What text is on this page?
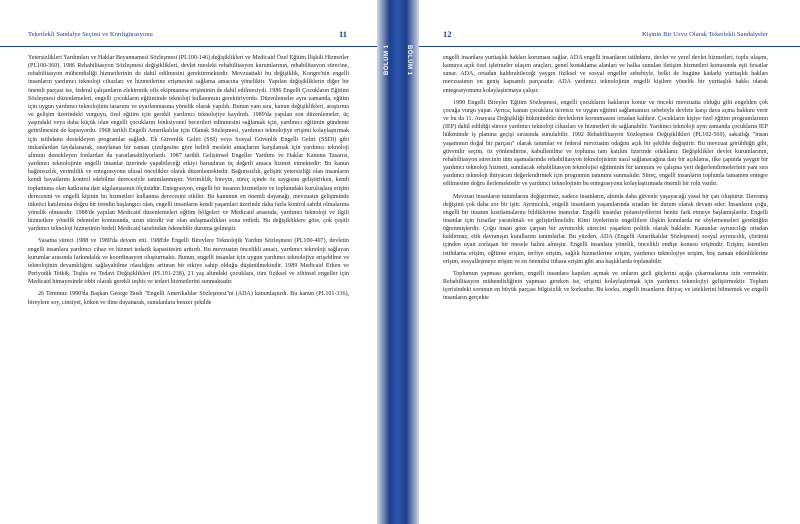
Tekerlekli Sandalye Seçimi ve Konfigürasyonu	11

Yetersizlikleri Yardımları ve Haklar Beyannamesi Sözleşmesi (PL100-146) değişiklikleri ve Medicaid Özel Eğitim İlişkili Hizmetler (PL100-360). 1986 Rehabilitasyon Sözleşmesi değişiklikleri, devlet mesleki rehabilitasyon kurumlarının, rehabilitasyon sürecine, rehabilitasyon mühendisliği hizmetlerinin de dahil edilmesini gerektirmektedir. Mevzuattaki bu değişiklik, Kongre'nin engelli insanların yardımcı teknoloji cihazları ve hizmetlerine erişmesini sağlama amacına yöneliktir. Yapılan değişikliklerin diğer bir önemli parçası ise, federal çalışanların elektronik ofis ekipmanına erişiminin de dahil edilmesiydi. 1986 Engelli Çocukların Eğitimi Sözleşmesi düzenlemeleri, engelli çocukların eğitiminde teknoloji kullanımını gerektiriyordu. Düzenlemeler aynı zamanda, eğitim için uygun yardımcı teknolojinin tasarımı ve uyarlanmasına yönelik olarak yapıldı. Bunun yanı sıra, kanun değişiklikleri, araştırma ve gelişim üzerindeki vurguyu, özel eğitim için gerekli yardımcı teknolojiye kaydırdı. 1989'da yapılan son düzenlemeler, üç yaşındaki veya daha küçük olan engelli çocukların fonksiyonel becerileri edinmesini sağlamak için, yardımcı eğitimin gündeme getirilmesini de kapsıyordu. 1968 tarihli Engelli Amerikalılar için Olanak Sözleşmesi, yardımcı teknolojiye erişimi kolaylaştırmak için istihdamı destekleyen programlar sağladı. Ek Güvenlik Geliri (SSI) veya Sosyal Güvenlik Engelli Geliri (SSDI) gibi imkanlardan faydalanarak, onaylanan bir zaman çizelgesine göre belirli mesleki amaçlarını karşılamak için yardımcı teknoloji alımını destekleyen fonlardan da yararlanabiliyorlardı. 1987 tarihli Gelişimsel Engeller Yardımı ve Haklar Kanunu Tasarısı, yardımcı teknolojinin engelli insanlar üzerinde yapabileceği etkiyi barındıran üç değerli amaca hizmet etmektedir: Bu kanun bağımsızlık, verimlilik ve entegrasyonu ulusal öncelikler olarak düzenlemektedir. Bağımsızlık, gelişim yetersizliği olan insanların kendi hayatlarını kontrol edebilme derecesiyle tanımlanmıştır. Verimlilik, bireyin, süreç içinde öz saygısını geliştirirken, kendi toplumuna olan katkısına dair algılamasının ölçüsüdür. Entegrasyon, engelli bir insanın hizmetlere ve toplumdaki kuruluşlara erişim derecesini ve engelli kişinin bu hizmetleri kullanma derecesini etkiler. Bu kanunun en önemli dayanağı, mevzuatın gelişiminde tüketici katılımına doğru bir trendin başlangıcı olan, engelli insanların kendi yaşamları üzerinde daha fazla kontrol sahibi olmalarına yönelik olmasıdır. 1988'de yapılan Medicaid düzenlemeleri eğitim bölgeleri ve Medicaid arasında, yardımcı teknoloji ve ilgili hizmetlere yönelik ödemeler konusunda, uzun süredir var olan anlaşmazlıkları sona erdirdi. Bu değişikliklere göre, çok çeşitli yardımcı teknoloji hizmetinin bedeli Medicaid tarafından ödenebilir duruma gelmiştir.

Yasama süreci 1988 ve 1989'da devam etti. 1988'de Engelli Bireylere Teknolojik Yardım Sözleşmesi (PL100-407), devletin engelli insanlara yardımcı cihaz ve hizmet tedarik kapasitesini arttırdı. Bu mevzuatın öncelikli amacı, yardımcı teknoloji sağlayan kurumlar arasında farkındalık ve koordinasyon oluşturmaktı. Bunun, engelli insanlar için uygun yardımcı teknolojiye erişebilme ve teknolojinin devamlılığını sağlayabilme olasılığını arttıran bir etkiye sahip olduğu düşünülmektedir. 1989 Medicaid Erken ve Periyodik Tetkik, Teşhis ve Tedavi Değişiklikleri (PL101-238), 21 yaş altındaki çocuklara, tüm fiziksel ve zihinsel engeller için Medicaid himayesinde tıbbi olarak gerekli teşhis ve tedavi hizmetlerini sunmaktadır.

26 Temmuz 1990'da Başkan George Bush "Engelli Amerikalılar Sözleşmesi"ni (ADA) kanunlaştırdı. Bu kanun (PL101-336), bireylere soy, cinsiyet, köken ve dine dayanarak, sunulanlara benzer şekilde

BÖLÜM 1	BÖLÜM 1
12	Kişinin Bir Uzvu Olarak Tekerlekli Sandalyeler

engelli insanlara yurttaşlık hakları koruması sağlar. ADA engelli insanların istihdamı, devlet ve yerel devlet hizmetleri, toplu ulaşım, kamuya açık özel işletmeler ulaşım araçları, genel konaklama alanları ve halka sunulan iletişim hizmetleri konusunda eşit fırsatlar sunar. ADA, ortadan kaldırabileceği yaygın fiziksel ve sosyal engeller sebebiyle, belki de bugüne kadarki yurttaşlık hakları mevzuatının en geniş kapsamlı parçasıdır. ADA yardımcı teknolojinin engelli kişilere yönelik bir yurttaşlık hakkı olarak entegrasyonunu kolaylaştırmaya çalışır.

1990 Engelli Bireyler Eğitim Sözleşmesi, engelli çocukların haklarını konur ve önceki mevzuatta olduğu gibi engelden çok çocuğa vurgu yapar. Ayrıca, kanun çocuklara ücretsiz ve uygun eğitimi sağlamamızı sebebiyle devlete karşı dava açma hakkını verir ve bu da 11. Anayasa Değişikliği hükmündeki devletlerin korunmasını ortadan kaldırır. Çocukların kişiye özel eğitim programlarının (IEP) dahil edildiği sürece yardımcı teknoloji cihazları ve hizmetleri de sağlanabilir. Yardımcı teknoloji aynı zamanda çocukların IEP hükmünde iş planına geçişi sırasında sunulabilir. 1992 Rehabilitasyon Sözleşmesi Değişiklikleri (PL102-569), sakatlığı "insan yaşamının doğal bir parçası" olarak tanımlar ve federal mevzuatın odağını açık bir şekilde değiştirir. Bu mevzuat görüldüğü gibi, güvenilir seçim, öz yönlendirme, kabullenilme ve topluma tam katılım üzerinde odaklanır. Değişiklikler devlet kurumlarının, rehabilitasyon sürecinin tüm aşamalarında rehabilitasyon teknolojisinin nasıl sağlanacağına dair bir açıklama, ilke çapında yaygın bir yardımcı teknoloji hizmeti, sunulacak rehabilitasyon teknolojisi eğitiminin bir tanımını ve çalışma yeri değerlendirmelerinin yanı sıra yardımcı teknoloji ihtiyacını değerlendirmek için programın tanımını sunmalıdır. Süreç, engelli insanların toplumla tamamen entegre edilmesine doğru ilerlemektedir ve yardımcı teknolojinin bu entegrasyonu kolaylaştırmada önemli bir rolü vardır.

Mevzuat insanların tutumlarını değiştirmez, sadece insanların, altında daha güvenle yaşayacağı yasal bir çatı oluşturur. Davranış değişimi çok daha zor bir iştir. Ayrımcılık, engelli insanların yaşamlarında sıradan bir durum olarak devam eder. İnsanların çoğu, engelli bir insanın kısıtlamalarını bildiklerine inanırlar. Engelli insanlar potansiyellerini henüz fark etmeye başlamışlardır. Engelli insanlar için fırsatlar yaratılmalı ve geliştirilmelidir. Kimi üyelerimiz engellilere ilişkin konularda ne söylememeleri gerektiğini öğrenmişlerdir. Çoğu insan göze çarpan bir ayrımcılık sürecini yaşarken politik olarak haklıdır. Kanunlar ayrımcılığı ortadan kaldırmaz, etik davranışın kurallarını tanımlarlar. Bu yüzden, ADA (Engelli Amerikalılar Sözleşmesi) sosyal ayrımcılık, çözümü içinden uyan zorlaşan bir mesele halini almıştır. Engelli insanlara yönelik, öncelikli endişe konusu erişimdir. Erişim; istenilen istihdama erişim, eğitime erişim, terfiye erişim, sağlık hizmetlerine erişim, yardımcı teknolojiye erişim, boş zaman etkinliklerine erişim, sosyalleşmeye erişim ve en önemlisi itibara erişim gibi ana başlıklarda toplanabilir.

Toplumun yapması gereken, engelli insanlara kapıları açmak ve onların gizli güçlerini açığa çıkarmalarına izin vermektir. Rehabilitasyon mühendisliğinin yapması gereken ise, erişimi kolaylaştırmak için yardımcı teknolojiyi geliştirmektir. Toplum içerisindeki sorunun en büyük parçası bilgisizlik ve korkudur. Bu korku, engelli insanların ihtiyaç ve isteklerini bilmemek ve engelli insanların gerçekte
